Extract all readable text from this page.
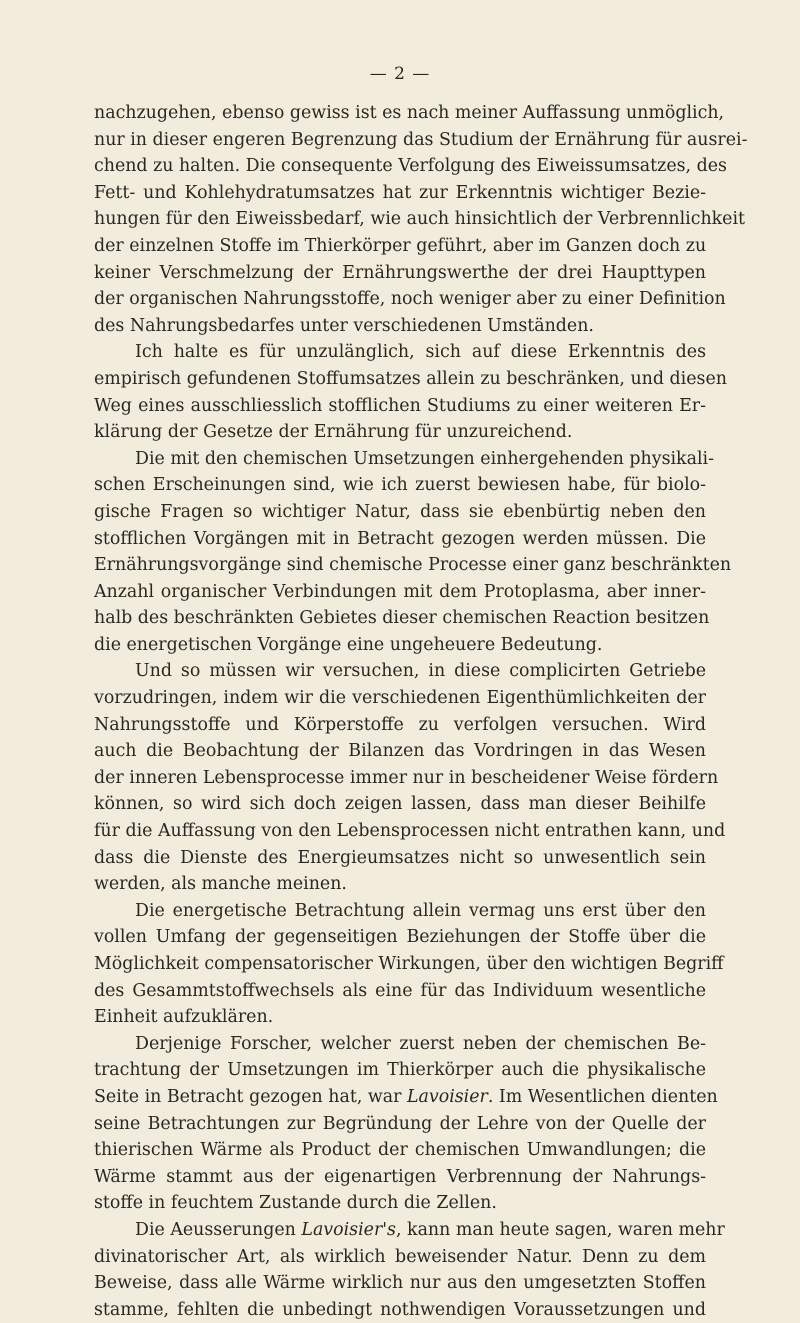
— 2 —
nachzugehen, ebenso gewiss ist es nach meiner Auffassung unmöglich,
nur in dieser engeren Begrenzung das Studium der Ernährung für ausrei-
chend zu halten. Die consequente Verfolgung des Eiweissumsatzes, des
Fett- und Kohlehydratumsatzes hat zur Erkenntnis wichtiger Bezie-
hungen für den Eiweissbedarf, wie auch hinsichtlich der Verbrennlichkeit
der einzelnen Stoffe im Thierkörper geführt, aber im Ganzen doch zu
keiner Verschmelzung der Ernährungswerthe der drei Haupttypen
der organischen Nahrungsstoffe, noch weniger aber zu einer Definition
des Nahrungsbedarfes unter verschiedenen Umständen.
Ich halte es für unzulänglich, sich auf diese Erkenntnis des
empirisch gefundenen Stoffumsatzes allein zu beschränken, und diesen
Weg eines ausschliesslich stofflichen Studiums zu einer weiteren Er-
klärung der Gesetze der Ernährung für unzureichend.
Die mit den chemischen Umsetzungen einhergehenden physikali-
schen Erscheinungen sind, wie ich zuerst bewiesen habe, für biolo-
gische Fragen so wichtiger Natur, dass sie ebenbürtig neben den
stofflichen Vorgängen mit in Betracht gezogen werden müssen. Die
Ernährungsvorgänge sind chemische Processe einer ganz beschränkten
Anzahl organischer Verbindungen mit dem Protoplasma, aber inner-
halb des beschränkten Gebietes dieser chemischen Reaction besitzen
die energetischen Vorgänge eine ungeheuere Bedeutung.
Und so müssen wir versuchen, in diese complicirten Getriebe
vorzudringen, indem wir die verschiedenen Eigenthümlichkeiten der
Nahrungsstoffe und Körperstoffe zu verfolgen versuchen. Wird
auch die Beobachtung der Bilanzen das Vordringen in das Wesen
der inneren Lebensprocesse immer nur in bescheidener Weise fördern
können, so wird sich doch zeigen lassen, dass man dieser Beihilfe
für die Auffassung von den Lebensprocessen nicht entrathen kann, und
dass die Dienste des Energieumsatzes nicht so unwesentlich sein
werden, als manche meinen.
Die energetische Betrachtung allein vermag uns erst über den
vollen Umfang der gegenseitigen Beziehungen der Stoffe über die
Möglichkeit compensatorischer Wirkungen, über den wichtigen Begriff
des Gesammtstoffwechsels als eine für das Individuum wesentliche
Einheit aufzuklären.
Derjenige Forscher, welcher zuerst neben der chemischen Be-
trachtung der Umsetzungen im Thierkörper auch die physikalische
Seite in Betracht gezogen hat, war Lavoisier. Im Wesentlichen dienten
seine Betrachtungen zur Begründung der Lehre von der Quelle der
thierischen Wärme als Product der chemischen Umwandlungen; die
Wärme stammt aus der eigenartigen Verbrennung der Nahrungs-
stoffe in feuchtem Zustande durch die Zellen.
Die Aeusserungen Lavoisier's, kann man heute sagen, waren mehr
divinatorischer Art, als wirklich beweisender Natur. Denn zu dem
Beweise, dass alle Wärme wirklich nur aus den umgesetzten Stoffen
stamme, fehlten die unbedingt nothwendigen Voraussetzungen und
